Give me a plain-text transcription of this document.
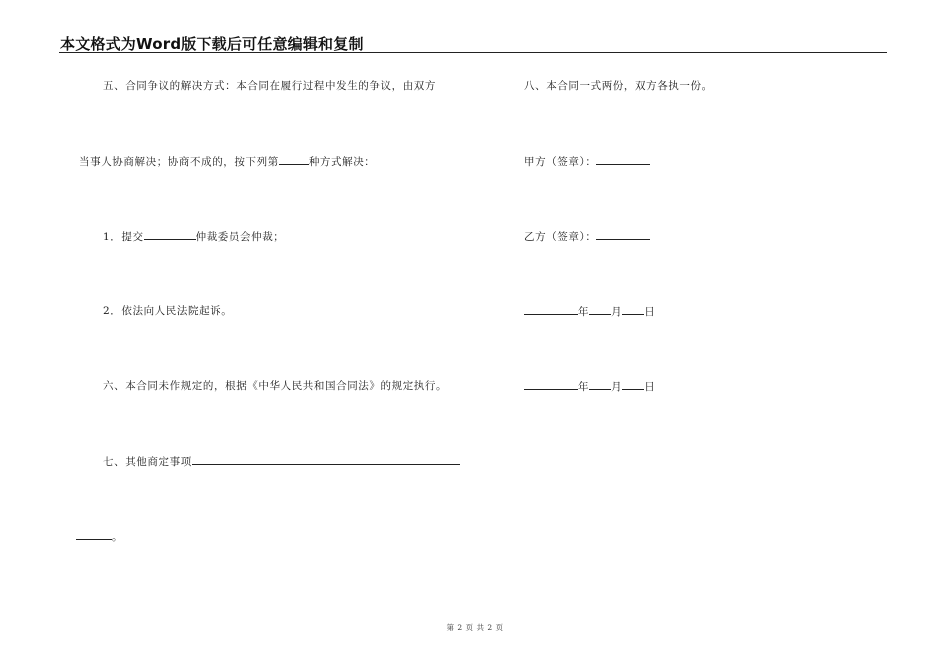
本文格式为Word版下载后可任意编辑和复制
五、合同争议的解决方式：本合同在履行过程中发生的争议，由双方
当事人协商解决；协商不成的，按下列第	种方式解决：
1．提交	仲裁委员会仲裁；
2．依法向人民法院起诉。
六、本合同未作规定的，根据《中华人民共和国合同法》的规定执行。
七、其他商定事项
。
八、本合同一式两份，双方各执一份。
甲方（签章）：
乙方（签章）：
年 月 日
年 月 日
第 2 页 共 2 页
